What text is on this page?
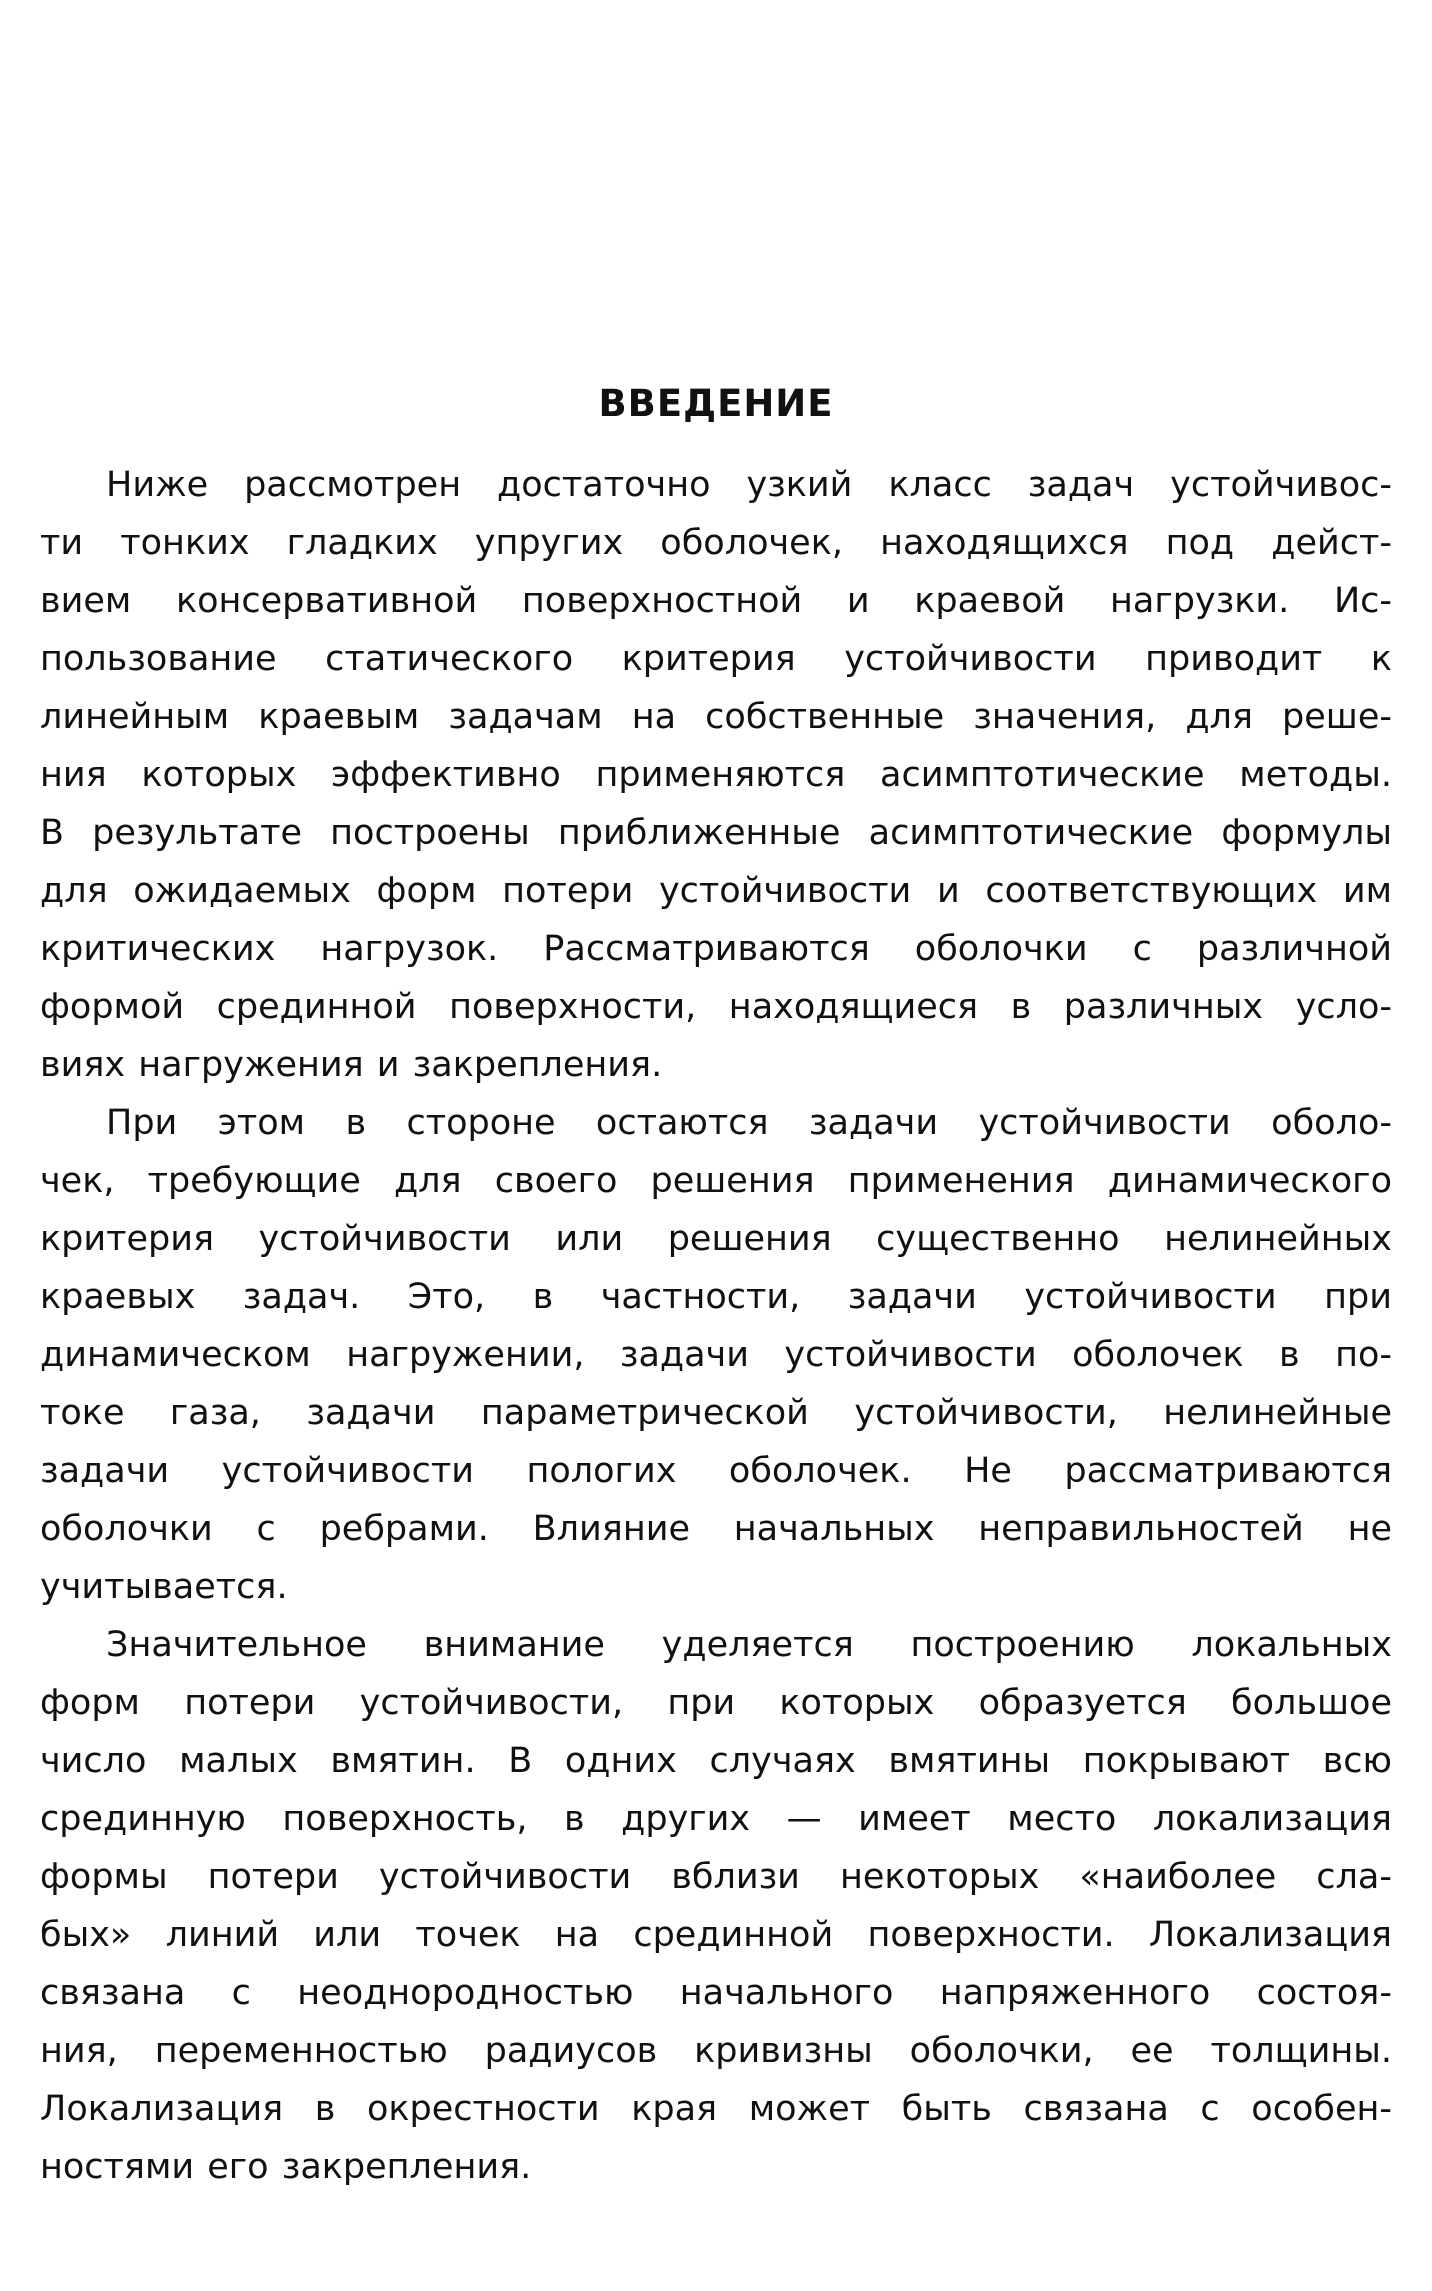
ВВЕДЕНИЕ
Ниже рассмотрен достаточно узкий класс задач устойчивос-
ти тонких гладких упругих оболочек, находящихся под дейст-
вием консервативной поверхностной и краевой нагрузки. Ис-
пользование статического критерия устойчивости приводит к
линейным краевым задачам на собственные значения, для реше-
ния которых эффективно применяются асимптотические методы.
В результате построены приближенные асимптотические формулы
для ожидаемых форм потери устойчивости и соответствующих им
критических нагрузок. Рассматриваются оболочки с различной
формой срединной поверхности, находящиеся в различных усло-
виях нагружения и закрепления.
При этом в стороне остаются задачи устойчивости оболо-
чек, требующие для своего решения применения динамического
критерия устойчивости или решения существенно нелинейных
краевых задач. Это, в частности, задачи устойчивости при
динамическом нагружении, задачи устойчивости оболочек в по-
токе газа, задачи параметрической устойчивости, нелинейные
задачи устойчивости пологих оболочек. Не рассматриваются
оболочки с ребрами. Влияние начальных неправильностей не
учитывается.
Значительное внимание уделяется построению локальных
форм потери устойчивости, при которых образуется большое
число малых вмятин. В одних случаях вмятины покрывают всю
срединную поверхность, в других — имеет место локализация
формы потери устойчивости вблизи некоторых «наиболее сла-
бых» линий или точек на срединной поверхности. Локализация
связана с неоднородностью начального напряженного состоя-
ния, переменностью радиусов кривизны оболочки, ее толщины.
Локализация в окрестности края может быть связана с особен-
ностями его закрепления.
